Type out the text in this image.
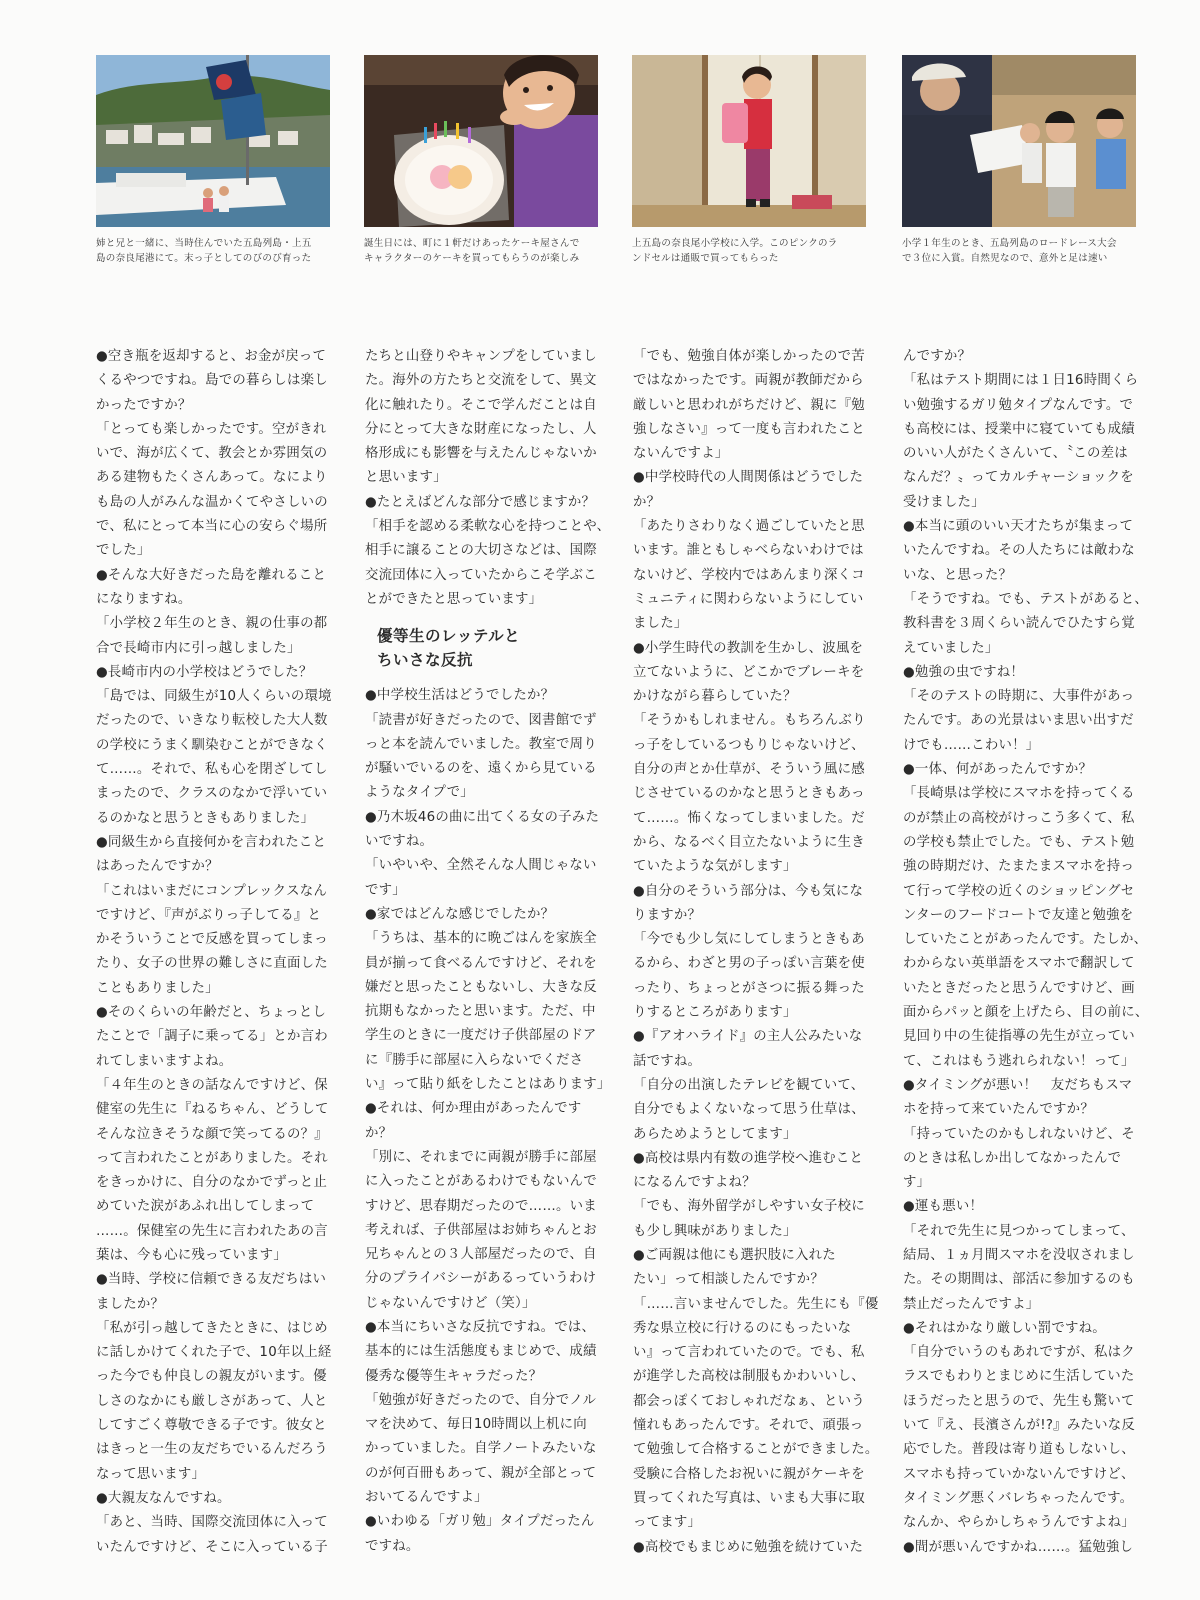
姉と兄と一緒に、当時住んでいた五島列島・上五
島の奈良尾港にて。末っ子としてのびのび育った
誕生日には、町に１軒だけあったケーキ屋さんで
キャラクターのケーキを買ってもらうのが楽しみ
上五島の奈良尾小学校に入学。このピンクのラ
ンドセルは通販で買ってもらった
小学１年生のとき、五島列島のロードレース大会
で３位に入賞。自然児なので、意外と足は速い

●空き瓶を返却すると、お金が戻って

くるやつですね。島での暮らしは楽し

かったですか？

「とっても楽しかったです。空がきれ

いで、海が広くて、教会とか雰囲気の

ある建物もたくさんあって。なにより

も島の人がみんな温かくてやさしいの

で、私にとって本当に心の安らぐ場所

でした」

●そんな大好きだった島を離れること

になりますね。

「小学校２年生のとき、親の仕事の都

合で長崎市内に引っ越しました」

●長崎市内の小学校はどうでした？

「島では、同級生が10人くらいの環境

だったので、いきなり転校した大人数

の学校にうまく馴染むことができなく

て……。それで、私も心を閉ざしてし

まったので、クラスのなかで浮いてい

るのかなと思うときもありました」

●同級生から直接何かを言われたこと

はあったんですか？

「これはいまだにコンプレックスなん

ですけど、『声がぶりっ子してる』と

かそういうことで反感を買ってしまっ

たり、女子の世界の難しさに直面した

こともありました」

●そのくらいの年齢だと、ちょっとし

たことで「調子に乗ってる」とか言わ

れてしまいますよね。

「４年生のときの話なんですけど、保

健室の先生に『ねるちゃん、どうして

そんな泣きそうな顔で笑ってるの？』

って言われたことがありました。それ

をきっかけに、自分のなかでずっと止

めていた涙があふれ出してしまって

……。保健室の先生に言われたあの言

葉は、今も心に残っています」

●当時、学校に信頼できる友だちはい

ましたか？

「私が引っ越してきたときに、はじめ

に話しかけてくれた子で、10年以上経

った今でも仲良しの親友がいます。優

しさのなかにも厳しさがあって、人と

してすごく尊敬できる子です。彼女と

はきっと一生の友だちでいるんだろう

なって思います」

●大親友なんですね。

「あと、当時、国際交流団体に入って

いたんですけど、そこに入っている子

たちと山登りやキャンプをしていまし

た。海外の方たちと交流をして、異文

化に触れたり。そこで学んだことは自

分にとって大きな財産になったし、人

格形成にも影響を与えたんじゃないか

と思います」

●たとえばどんな部分で感じますか？

「相手を認める柔軟な心を持つことや、

相手に譲ることの大切さなどは、国際

交流団体に入っていたからこそ学ぶこ

とができたと思っています」

優等生のレッテルと
ちいさな反抗

●中学校生活はどうでしたか？

「読書が好きだったので、図書館でず

っと本を読んでいました。教室で周り

が騒いでいるのを、遠くから見ている

ようなタイプで」

●乃木坂46の曲に出てくる女の子みた

いですね。

「いやいや、全然そんな人間じゃない

です」

●家ではどんな感じでしたか？

「うちは、基本的に晩ごはんを家族全

員が揃って食べるんですけど、それを

嫌だと思ったこともないし、大きな反

抗期もなかったと思います。ただ、中

学生のときに一度だけ子供部屋のドア

に『勝手に部屋に入らないでくださ

い』って貼り紙をしたことはあります」

●それは、何か理由があったんです

か？

「別に、それまでに両親が勝手に部屋

に入ったことがあるわけでもないんで

すけど、思春期だったので……。いま

考えれば、子供部屋はお姉ちゃんとお

兄ちゃんとの３人部屋だったので、自

分のプライバシーがあるっていうわけ

じゃないんですけど（笑）」

●本当にちいさな反抗ですね。では、

基本的には生活態度もまじめで、成績

優秀な優等生キャラだった？

「勉強が好きだったので、自分でノル

マを決めて、毎日10時間以上机に向

かっていました。自学ノートみたいな

のが何百冊もあって、親が全部とって

おいてるんですよ」

●いわゆる「ガリ勉」タイプだったん

ですね。

「でも、勉強自体が楽しかったので苦

ではなかったです。両親が教師だから

厳しいと思われがちだけど、親に『勉

強しなさい』って一度も言われたこと

ないんですよ」

●中学校時代の人間関係はどうでした

か？

「あたりさわりなく過ごしていたと思

います。誰ともしゃべらないわけでは

ないけど、学校内ではあんまり深くコ

ミュニティに関わらないようにしてい

ました」

●小学生時代の教訓を生かし、波風を

立てないように、どこかでブレーキを

かけながら暮らしていた？

「そうかもしれません。もちろんぶり

っ子をしているつもりじゃないけど、

自分の声とか仕草が、そういう風に感

じさせているのかなと思うときもあっ

て……。怖くなってしまいました。だ

から、なるべく目立たないように生き

ていたような気がします」

●自分のそういう部分は、今も気にな

りますか？

「今でも少し気にしてしまうときもあ

るから、わざと男の子っぽい言葉を使

ったり、ちょっとがさつに振る舞った

りするところがあります」

●『アオハライド』の主人公みたいな

話ですね。

「自分の出演したテレビを観ていて、

自分でもよくないなって思う仕草は、

あらためようとしてます」

●高校は県内有数の進学校へ進むこと

になるんですよね？

「でも、海外留学がしやすい女子校に

も少し興味がありました」

●ご両親は他にも選択肢に入れた

たい」って相談したんですか？

「……言いませんでした。先生にも『優

秀な県立校に行けるのにもったいな

い』って言われていたので。でも、私

が進学した高校は制服もかわいいし、

都会っぽくておしゃれだなぁ、という

憧れもあったんです。それで、頑張っ

て勉強して合格することができました。

受験に合格したお祝いに親がケーキを

買ってくれた写真は、いまも大事に取

ってます」

●高校でもまじめに勉強を続けていた

んですか？

「私はテスト期間には１日16時間くら

い勉強するガリ勉タイプなんです。で

も高校には、授業中に寝ていても成績

のいい人がたくさんいて、〝この差は

なんだ？〟ってカルチャーショックを

受けました」

●本当に頭のいい天才たちが集まって

いたんですね。その人たちには敵わな

いな、と思った？

「そうですね。でも、テストがあると、

教科書を３周くらい読んでひたすら覚

えていました」

●勉強の虫ですね！

「そのテストの時期に、大事件があっ

たんです。あの光景はいま思い出すだ

けでも……こわい！」

●一体、何があったんですか？

「長崎県は学校にスマホを持ってくる

のが禁止の高校がけっこう多くて、私

の学校も禁止でした。でも、テスト勉

強の時期だけ、たまたまスマホを持っ

て行って学校の近くのショッピングセ

ンターのフードコートで友達と勉強を

していたことがあったんです。たしか、

わからない英単語をスマホで翻訳して

いたときだったと思うんですけど、画

面からパッと顔を上げたら、目の前に、

見回り中の生徒指導の先生が立ってい

て、これはもう逃れられない！って」

●タイミングが悪い！　友だちもスマ

ホを持って来ていたんですか？

「持っていたのかもしれないけど、そ

のときは私しか出してなかったんで

す」

●運も悪い！

「それで先生に見つかってしまって、

結局、１ヵ月間スマホを没収されまし

た。その期間は、部活に参加するのも

禁止だったんですよ」

●それはかなり厳しい罰ですね。

「自分でいうのもあれですが、私はク

ラスでもわりとまじめに生活していた

ほうだったと思うので、先生も驚いて

いて『え、長濱さんが!?』みたいな反

応でした。普段は寄り道もしないし、

スマホも持っていかないんですけど、

タイミング悪くバレちゃったんです。

なんか、やらかしちゃうんですよね」

●間が悪いんですかね……。猛勉強し
